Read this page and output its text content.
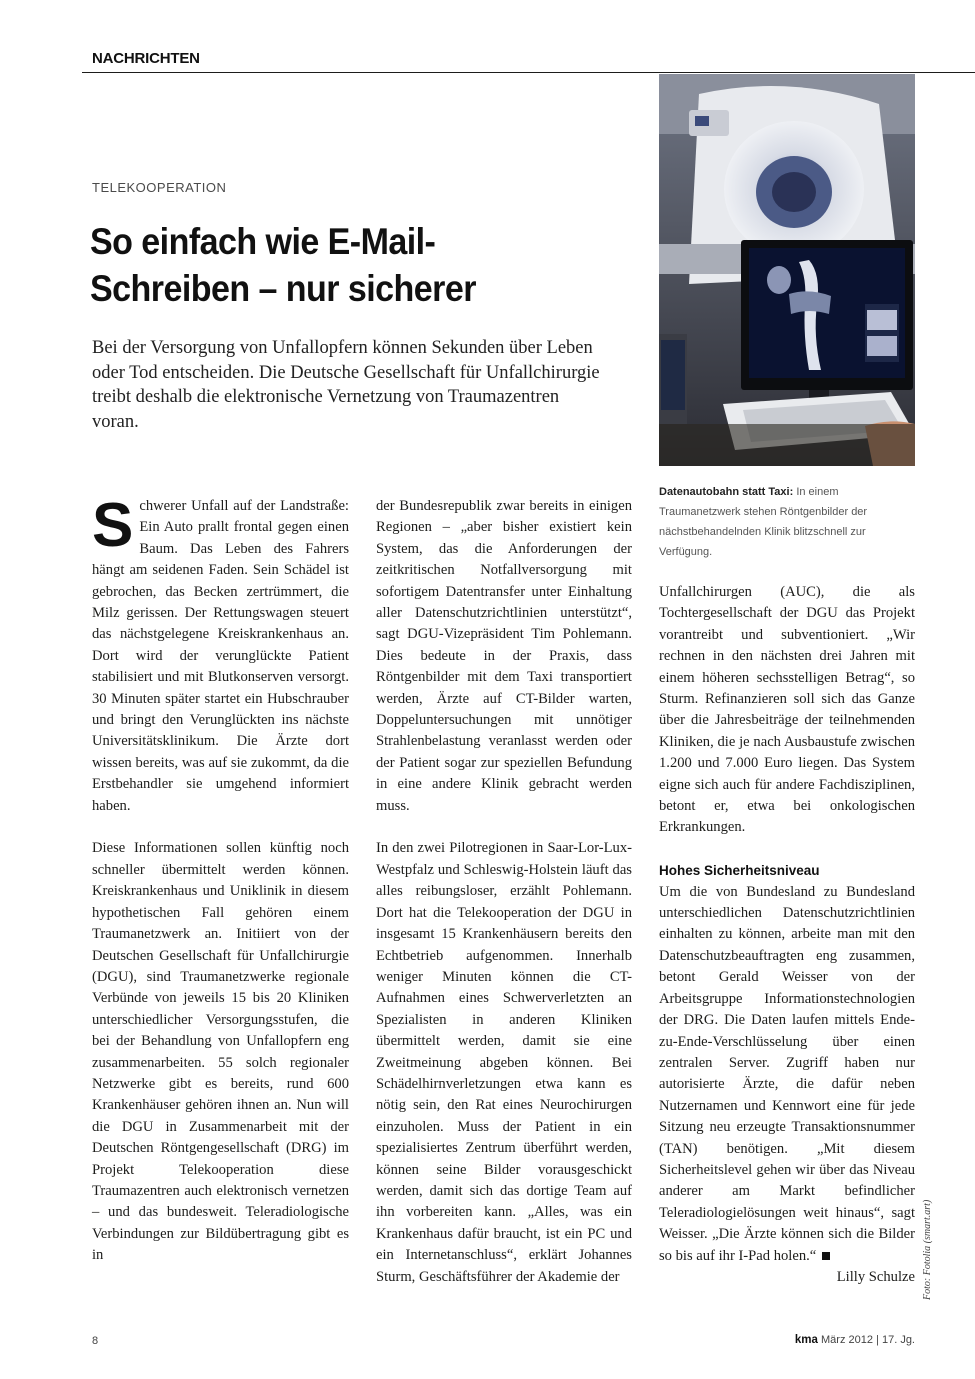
NACHRICHTEN
TELEKOOPERATION
So einfach wie E-Mail-
Schreiben – nur sicherer

Bei der Versorgung von Unfallopfern können Sekunden über Leben oder Tod entscheiden. Die Deutsche Gesellschaft für Unfallchirurgie treibt deshalb die elektronische Vernetzung von Traumazentren voran.

Datenautobahn statt Taxi: In einem Traumanetzwerk stehen Röntgenbilder der nächstbehandelnden Klinik blitzschnell zur Verfügung.

Schwerer Unfall auf der Landstraße: Ein Auto prallt frontal gegen einen Baum. Das Leben des Fahrers hängt am seidenen Faden. Sein Schädel ist gebrochen, das Becken zertrümmert, die Milz gerissen. Der Rettungswagen steuert das nächstgelegene Kreiskrankenhaus an. Dort wird der verunglückte Patient stabilisiert und mit Blutkonserven versorgt. 30 Minuten später startet ein Hubschrauber und bringt den Verunglückten ins nächste Universitätsklinikum. Die Ärzte dort wissen bereits, was auf sie zukommt, da die Erstbehandler sie umgehend informiert haben.

Diese Informationen sollen künftig noch schneller übermittelt werden können. Kreiskrankenhaus und Uniklinik in diesem hypothetischen Fall gehören einem Traumanetzwerk an. Initiiert von der Deutschen Gesellschaft für Unfallchirurgie (DGU), sind Traumanetzwerke regionale Verbünde von jeweils 15 bis 20 Kliniken unterschiedlicher Versorgungsstufen, die bei der Behandlung von Unfallopfern eng zusammenarbeiten. 55 solch regionaler Netzwerke gibt es bereits, rund 600 Krankenhäuser gehören ihnen an. Nun will die DGU in Zusammenarbeit mit der Deutschen Röntgengesellschaft (DRG) im Projekt Telekooperation diese Traumazentren auch elektronisch vernetzen – und das bundesweit. Teleradiologische Verbindungen zur Bildübertragung gibt es in

der Bundesrepublik zwar bereits in einigen Regionen – „aber bisher existiert kein System, das die Anforderungen der zeitkritischen Notfallversorgung mit sofortigem Datentransfer unter Einhaltung aller Datenschutzrichtlinien unterstützt“, sagt DGU-Vizepräsident Tim Pohlemann. Dies bedeute in der Praxis, dass Röntgenbilder mit dem Taxi transportiert werden, Ärzte auf CT-Bilder warten, Doppeluntersuchungen mit unnötiger Strahlenbelastung veranlasst werden oder der Patient sogar zur speziellen Befundung in eine andere Klinik gebracht werden muss.

In den zwei Pilotregionen in Saar-Lor-Lux-Westpfalz und Schleswig-Holstein läuft das alles reibungsloser, erzählt Pohlemann. Dort hat die Telekooperation der DGU in insgesamt 15 Krankenhäusern bereits den Echtbetrieb aufgenommen. Innerhalb weniger Minuten können die CT-Aufnahmen eines Schwerverletzten an Spezialisten in anderen Kliniken übermittelt werden, damit sie eine Zweitmeinung abgeben können. Bei Schädelhirnverletzungen etwa kann es nötig sein, den Rat eines Neurochirurgen einzuholen. Muss der Patient in ein spezialisiertes Zentrum überführt werden, können seine Bilder vorausgeschickt werden, damit sich das dortige Team auf ihn vorbereiten kann. „Alles, was ein Krankenhaus dafür braucht, ist ein PC und ein Internetanschluss“, erklärt Johannes Sturm, Geschäftsführer der Akademie der

Unfallchirurgen (AUC), die als Tochtergesellschaft der DGU das Projekt vorantreibt und subventioniert. „Wir rechnen in den nächsten drei Jahren mit einem höheren sechsstelligen Betrag“, so Sturm. Refinanzieren soll sich das Ganze über die Jahresbeiträge der teilnehmenden Kliniken, die je nach Ausbaustufe zwischen 1.200 und 7.000 Euro liegen. Das System eigne sich auch für andere Fachdisziplinen, betont er, etwa bei onkologischen Erkrankungen.

Hohes Sicherheitsniveau

Um die von Bundesland zu Bundesland unterschiedlichen Datenschutzrichtlinien einhalten zu können, arbeite man mit den Datenschutzbeauftragten eng zusammen, betont Gerald Weisser von der Arbeitsgruppe Informationstechnologien der DRG. Die Daten laufen mittels Ende-zu-Ende-Verschlüsselung über einen zentralen Server. Zugriff haben nur autorisierte Ärzte, die dafür neben Nutzernamen und Kennwort eine für jede Sitzung neu erzeugte Transaktionsnummer (TAN) benötigen. „Mit diesem Sicherheitslevel gehen wir über das Niveau anderer am Markt befindlicher Teleradiologielösungen weit hinaus“, sagt Weisser. „Die Ärzte können sich die Bilder so bis auf ihr I-Pad holen.“

Lilly Schulze Foto: Fotolia (smart.art)
8	kma März 2012 | 17. Jg.
